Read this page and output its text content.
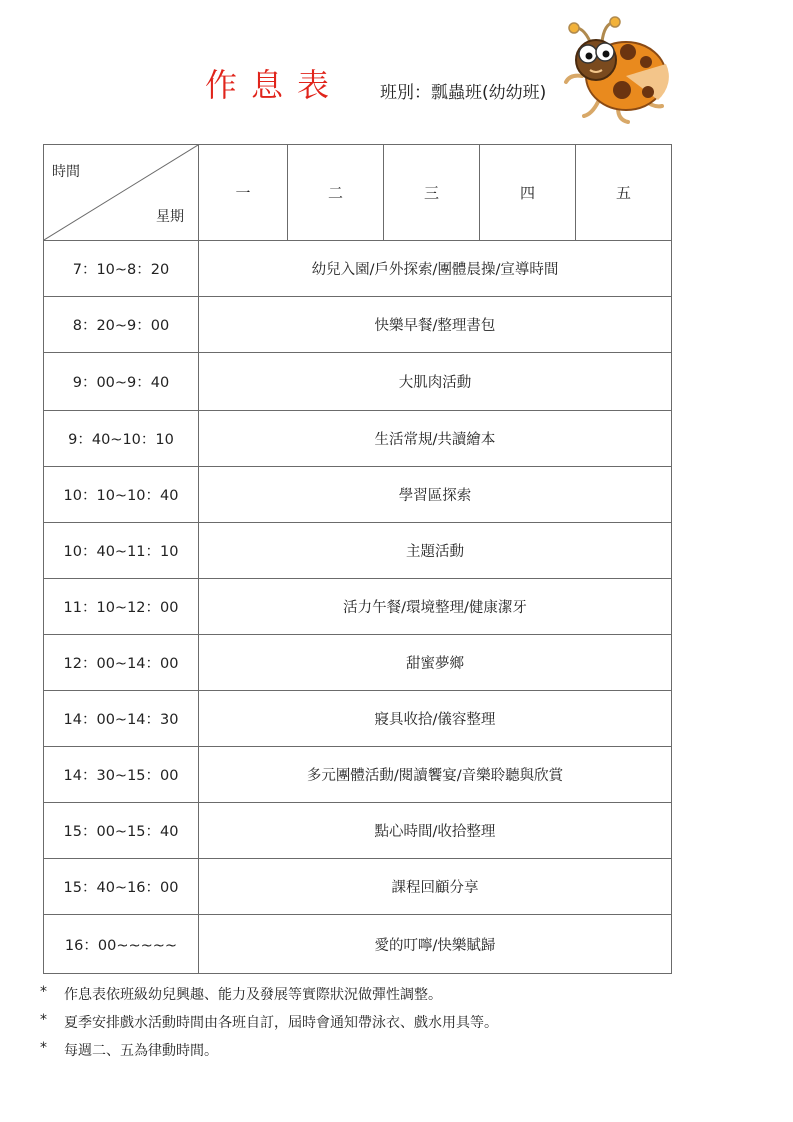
作息表 班別：瓢蟲班(幼幼班)
時間
星期	一	二	三	四	五
7：10~8：20	幼兒入園/戶外探索/團體晨操/宣導時間				
8：20~9：00	快樂早餐/整理書包				
9：00~9：40	大肌肉活動				
9：40~10：10	生活常規/共讀繪本				
10：10~10：40	學習區探索				
10：40~11：10	主題活動				
11：10~12：00	活力午餐/環境整理/健康潔牙				
12：00~14：00	甜蜜夢鄉				
14：00~14：30	寢具收拾/儀容整理				
14：30~15：00	多元團體活動/閱讀饗宴/音樂聆聽與欣賞				
15：00~15：40	點心時間/收拾整理				
15：40~16：00	課程回顧分享				
16：00~~~~~	愛的叮嚀/快樂賦歸				
*	作息表依班級幼兒興趣、能力及發展等實際狀況做彈性調整。
*	夏季安排戲水活動時間由各班自訂，屆時會通知帶泳衣、戲水用具等。
*	每週二、五為律動時間。
